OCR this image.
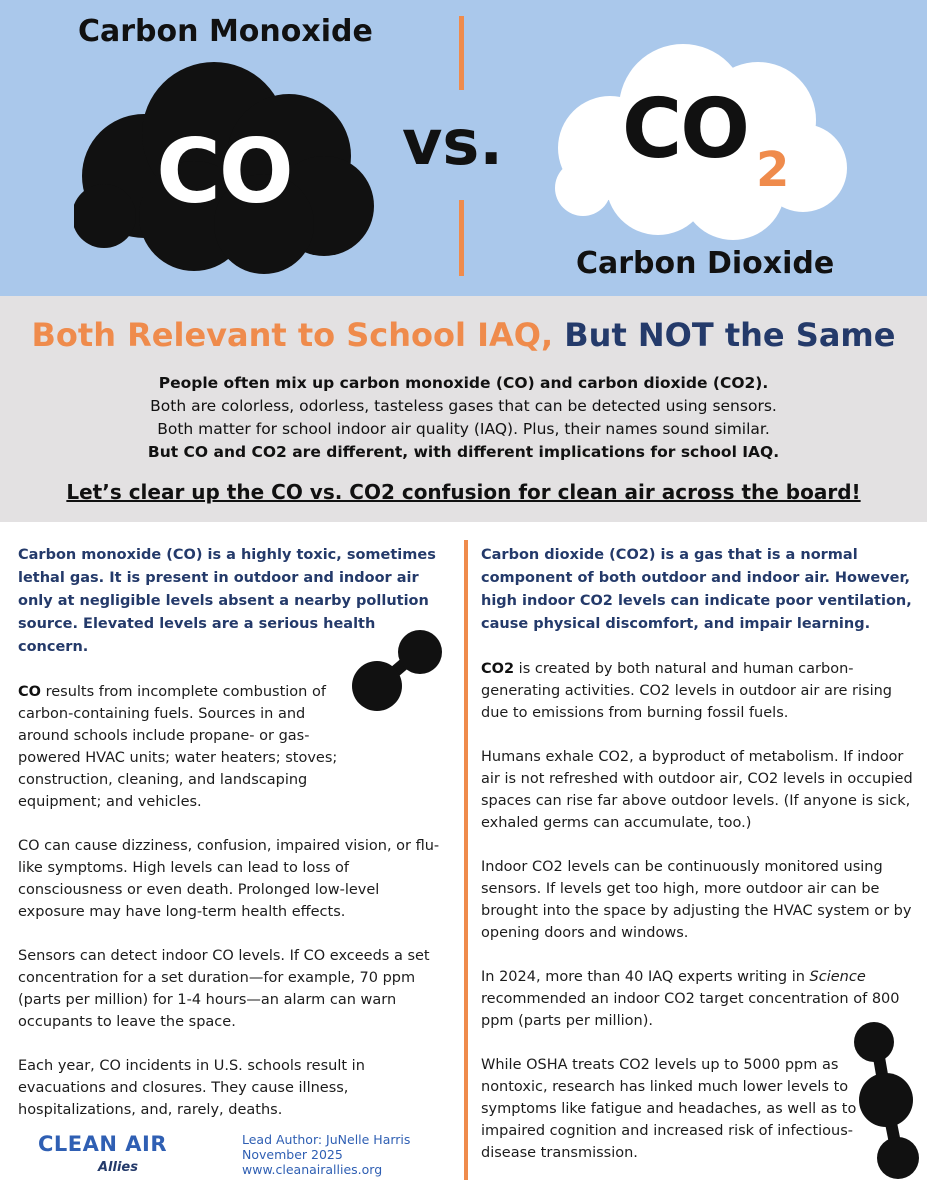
Carbon Monoxide
CO	vs. CO 2
Carbon Dioxide
Both Relevant to School IAQ, But NOT the Same
People often mix up carbon monoxide (CO) and carbon dioxide (CO2).
Both are colorless, odorless, tasteless gases that can be detected using sensors.
Both matter for school indoor air quality (IAQ). Plus, their names sound similar.
But CO and CO2 are different, with different implications for school IAQ.
Let’s clear up the CO vs. CO2 confusion for clean air across the board!
Carbon monoxide (CO) is a highly toxic, sometimes lethal gas. It is present in outdoor and indoor air only at negligible levels absent a nearby pollution source. Elevated levels are a serious health concern.

CO results from incomplete combustion of carbon-containing fuels. Sources in and around schools include propane- or gas-powered HVAC units; water heaters; stoves; construction, cleaning, and landscaping equipment; and vehicles.

CO can cause dizziness, confusion, impaired vision, or flu-like symptoms. High levels can lead to loss of consciousness or even death. Prolonged low-level exposure may have long-term health effects.

Sensors can detect indoor CO levels. If CO exceeds a set concentration for a set duration—for example, 70 ppm (parts per million) for 1-4 hours—an alarm can warn occupants to leave the space.

Each year, CO incidents in U.S. schools result in evacuations and closures. They cause illness, hospitalizations, and, rarely, deaths.

Carbon dioxide (CO2) is a gas that is a normal component of both outdoor and indoor air. However, high indoor CO2 levels can indicate poor ventilation, cause physical discomfort, and impair learning.

CO2 is created by both natural and human carbon-generating activities. CO2 levels in outdoor air are rising due to emissions from burning fossil fuels.

Humans exhale CO2, a byproduct of metabolism. If indoor air is not refreshed with outdoor air, CO2 levels in occupied spaces can rise far above outdoor levels. (If anyone is sick, exhaled germs can accumulate, too.)

Indoor CO2 levels can be continuously monitored using sensors. If levels get too high, more outdoor air can be brought into the space by adjusting the HVAC system or by opening doors and windows.

In 2024, more than 40 IAQ experts writing in Science recommended an indoor CO2 target concentration of 800 ppm (parts per million).

While OSHA treats CO2 levels up to 5000 ppm as nontoxic, research has linked much lower levels to symptoms like fatigue and headaches, as well as to impaired cognition and increased risk of infectious-disease transmission.

CLEAN AIR
Allies
Lead Author: JuNelle Harris
November 2025
www.cleanairallies.org
